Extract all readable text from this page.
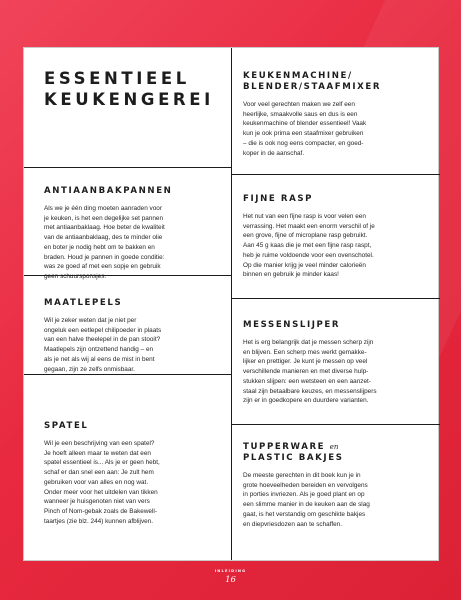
ESSENTIEEL
KEUKENGEREI
ANTIAANBAKPANNEN

Als we je één ding moeten aanraden voor
je keuken, is het een degelijke set pannen
met antiaanbaklaag. Hoe beter de kwaliteit
van de antiaanbaklaag, des te minder olie
en boter je nodig hebt om te bakken en
braden. Houd je pannen in goede conditie:
was ze goed af met een sopje en gebruik
geen schuursponsjes.

MAATLEPELS

Wil je zeker weten dat je niet per
ongeluk een eetlepel chilipoeder in plaats
van een halve theelepel in de pan stooit?
Maatlepels zijn ontzettend handig – en
als je net als wij al eens de mist in bent
gegaan, zijn ze zelfs onmisbaar.

SPATEL

Wil je een beschrijving van een spatel?
Je hoeft alleen maar te weten dat een
spatel essentieel is... Als je er geen hebt,
schaf er dan snel een aan: Je zult hem
gebruiken voor van alles en nog wat.
Onder meer voor het uitdelen van tikken
wanneer je huisgenoten niet van vers
Pinch of Nom-gebak zoals de Bakewell-
taartjes (zie blz. 244) kunnen afblijven.

KEUKENMACHINE/
BLENDER/STAAFMIXER

Voor veel gerechten maken we zelf een
heerlijke, smaakvolle saus en dus is een
keukenmachine of blender essentieel! Vaak
kun je ook prima een staafmixer gebruiken
– die is ook nog eens compacter, en goed-
koper in de aanschaf.

FIJNE RASP

Het nut van een fijne rasp is voor velen een
verrassing. Het maakt een enorm verschil of je
een grove, fijne of microplane rasp gebruikt.
Aan 45 g kaas die je met een fijne rasp raspt,
heb je ruime voldoende voor een ovenschotel.
Op die manier krijg je veel minder calorieën
binnen en gebruik je minder kaas!

MESSENSLIJPER

Het is erg belangrijk dat je messen scherp zijn
en blijven. Een scherp mes werkt gemakke-
lijker en prettiger. Je kunt je messen op veel
verschillende manieren en met diverse hulp-
stukken slijpen: een wetsteen en een aanzet-
staal zijn betaalbare keuzes, en messenslijpers
zijn er in goedkopere en duurdere varianten.

TUPPERWARE en
PLASTIC BAKJES

De meeste gerechten in dit boek kun je in
grote hoeveelheden bereiden en vervolgens
in porties invriezen. Als je goed plant en op
een slimme manier in de keuken aan de slag
gaat, is het verstandig om geschikte bakjes
en diepvriesdozen aan te schaffen.

INLEIDING
16
